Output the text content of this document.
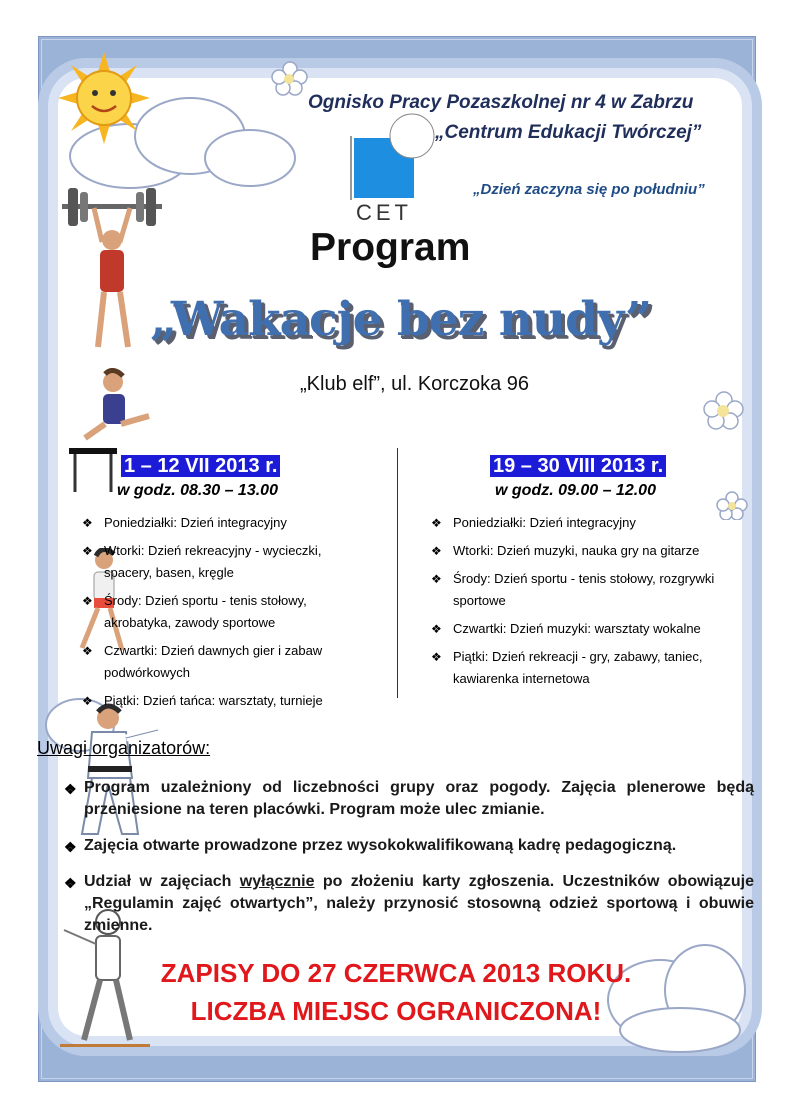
CET
Ognisko Pracy Pozaszkolnej nr 4 w Zabrzu
„Centrum Edukacji Twórczej”
„Dzień zaczyna się po południu”
Program
„Wakacje bez nudy”
„Klub elf”, ul. Korczoka 96
1 – 12 VII 2013 r.
w godz. 08.30 – 13.00
❖ Poniedziałki: Dzień integracyjny
❖ Wtorki: Dzień rekreacyjny - wycieczki, spacery, basen, kręgle
❖ Środy: Dzień sportu - tenis stołowy, akrobatyka, zawody sportowe
❖ Czwartki: Dzień dawnych gier i zabaw podwórkowych
❖ Piątki: Dzień tańca: warsztaty, turnieje
19 – 30 VIII 2013 r.
w godz. 09.00 – 12.00
❖ Poniedziałki: Dzień integracyjny
❖ Wtorki: Dzień muzyki, nauka gry na gitarze
❖ Środy: Dzień sportu - tenis stołowy, rozgrywki sportowe
❖ Czwartki: Dzień muzyki: warsztaty wokalne
❖ Piątki: Dzień rekreacji - gry, zabawy, taniec, kawiarenka internetowa
Uwagi organizatorów:
❖ Program uzależniony od liczebności grupy oraz pogody. Zajęcia plenerowe będą przeniesione na teren placówki. Program może ulec zmianie.
❖ Zajęcia otwarte prowadzone przez wysokokwalifikowaną kadrę pedagogiczną.
❖ Udział w zajęciach wyłącznie po złożeniu karty zgłoszenia. Uczestników obowiązuje „Regulamin zajęć otwartych”, należy przynosić stosowną odzież sportową i obuwie zmienne.
ZAPISY DO 27 CZERWCA 2013 ROKU.
LICZBA MIEJSC OGRANICZONA!
